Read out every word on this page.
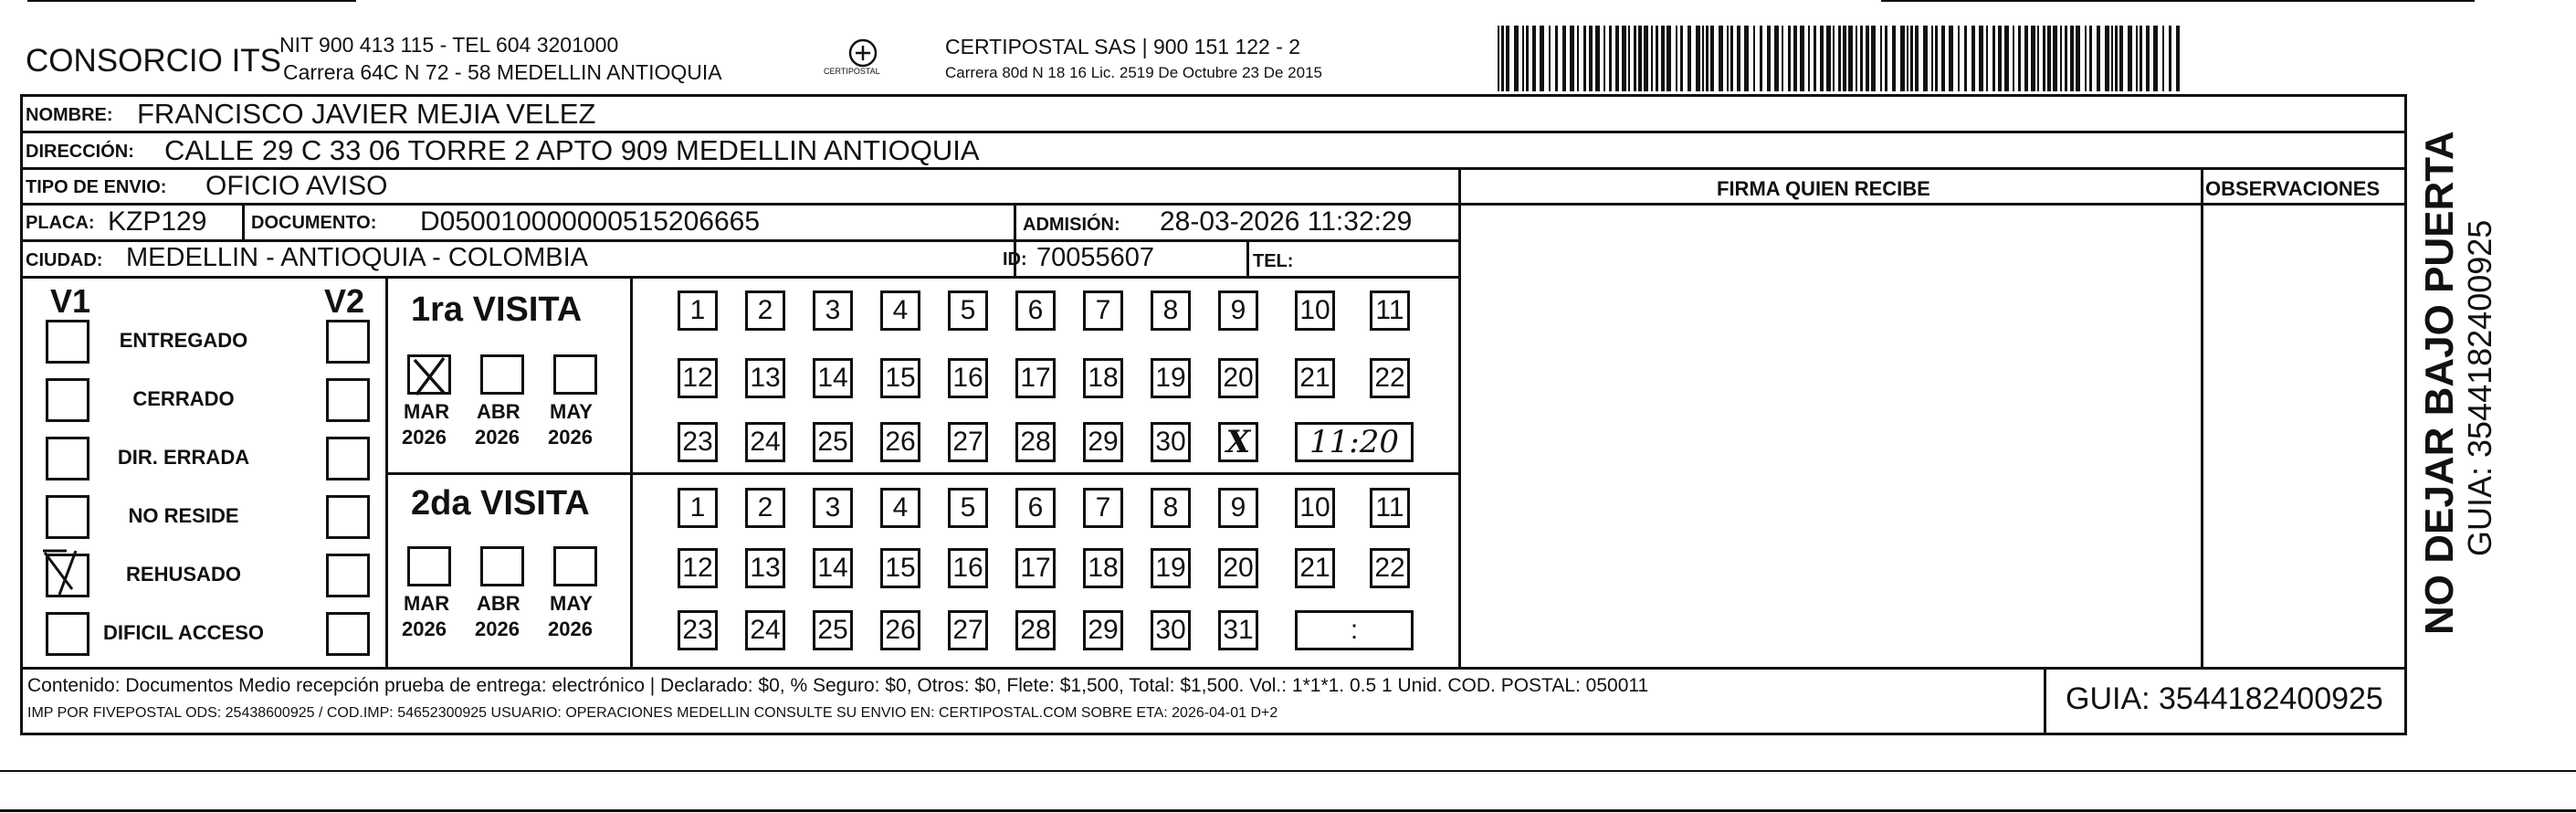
CONSORCIO ITS
NIT 900 413 115 - TEL 604 3201000
Carrera 64C N 72 - 58 MEDELLIN ANTIOQUIA	CERTIPOSTAL
CERTIPOSTAL SAS | 900 151 122 - 2
Carrera 80d N 18 16 Lic. 2519 De Octubre 23 De 2015
NOMBRE: FRANCISCO JAVIER MEJIA VELEZ
DIRECCIÓN: CALLE 29 C 33 06 TORRE 2 APTO 909 MEDELLIN ANTIOQUIA
TIPO DE ENVIO: OFICIO AVISO	FIRMA QUIEN RECIBE	OBSERVACIONES
PLACA: KZP129 DOCUMENTO: D050010000000515206665	ADMISIÓN: 28-03-2026 11:32:29
CIUDAD: MEDELLIN - ANTIOQUIA - COLOMBIA	ID: 70055607	TEL:
V1	V2 1ra VISITA
2da VISITA
Contenido: Documentos Medio recepción prueba de entrega: electrónico | Declarado: $0, % Seguro: $0, Otros: $0, Flete: $1,500, Total: $1,500. Vol.: 1*1*1. 0.5 1 Unid. COD. POSTAL: 050011
IMP POR FIVEPOSTAL ODS: 25438600925 / COD.IMP: 54652300925 USUARIO: OPERACIONES MEDELLIN CONSULTE SU ENVIO EN: CERTIPOSTAL.COM SOBRE ETA: 2026-04-01 D+2	GUIA: 3544182400925
NO DEJAR BAJO PUERTA GUIA: 3544182400925
ENTREGADO
CERRADO
DIR. ERRADA
NO RESIDE
REHUSADO
DIFICIL ACCESO
MAR
2026
ABR
2026
MAY
2026
MAR
2026
ABR
2026
MAY
2026
1	2	3	4	5	6	7	8	9	10 11
12 13 14 15 16 17 18 19 20 21 22
23 24 25 26 27 28 29 30 X	11:20
1	2	3	4	5	6	7	8	9	10 11
12 13 14 15 16 17 18 19 20 21 22
23 24 25 26 27 28 29 30 31	:
